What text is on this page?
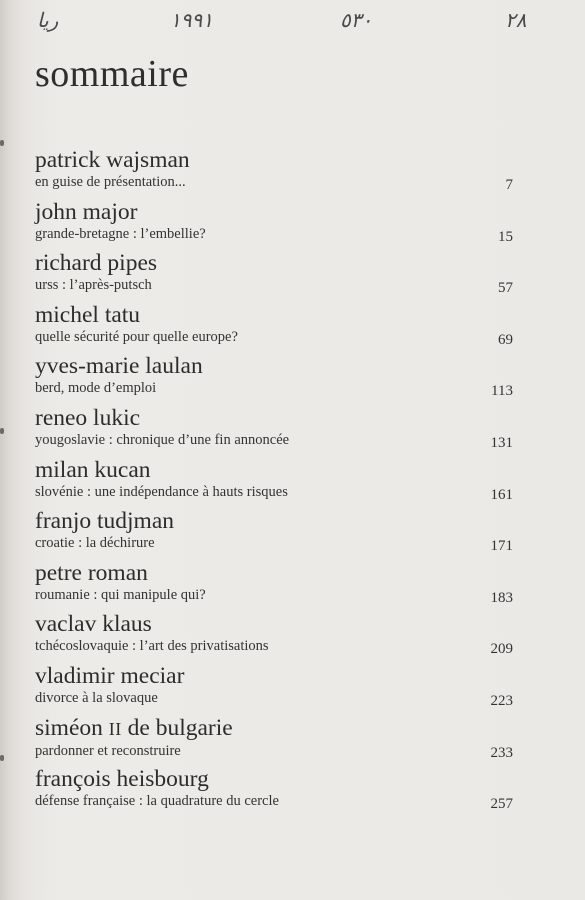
ريا	١٩٩١	٥٣٠	٢٨
sommaire
patrick wajsman
en guise de présentation...	7
john major
grande-bretagne : l’embellie?	15
richard pipes
urss : l’après-putsch	57
michel tatu
quelle sécurité pour quelle europe?	69
yves-marie laulan
berd, mode d’emploi	113
reneo lukic
yougoslavie : chronique d’une fin annoncée	131
milan kucan
slovénie : une indépendance à hauts risques	161
franjo tudjman
croatie : la déchirure	171
petre roman
roumanie : qui manipule qui?	183
vaclav klaus
tchécoslovaquie : l’art des privatisations	209
vladimir meciar
divorce à la slovaque	223
siméon II de bulgarie
pardonner et reconstruire	233
françois heisbourg
défense française : la quadrature du cercle	257
